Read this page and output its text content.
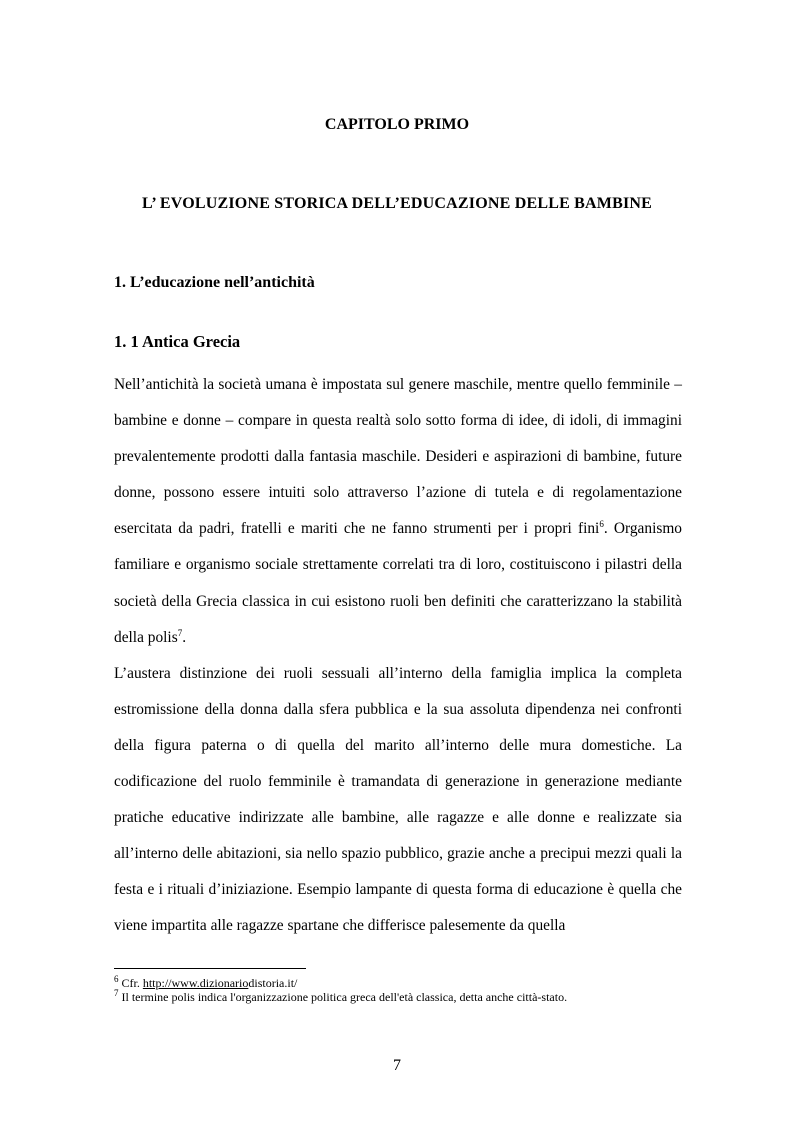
CAPITOLO PRIMO
L’ EVOLUZIONE STORICA DELL’EDUCAZIONE DELLE BAMBINE
1. L’educazione nell’antichità
1. 1 Antica Grecia

Nell’antichità la società umana è impostata sul genere maschile, mentre quello femminile – bambine e donne – compare in questa realtà solo sotto forma di idee, di idoli, di immagini prevalentemente prodotti dalla fantasia maschile. Desideri e aspirazioni di bambine, future donne, possono essere intuiti solo attraverso l’azione di tutela e di regolamentazione esercitata da padri, fratelli e mariti che ne fanno strumenti per i propri fini$^6$. Organismo familiare e organismo sociale strettamente correlati tra di loro, costituiscono i pilastri della società della Grecia classica in cui esistono ruoli ben definiti che caratterizzano la stabilità della polis$^7$.

L’austera distinzione dei ruoli sessuali all’interno della famiglia implica la completa estromissione della donna dalla sfera pubblica e la sua assoluta dipendenza nei confronti della figura paterna o di quella del marito all’interno delle mura domestiche. La codificazione del ruolo femminile è tramandata di generazione in generazione mediante pratiche educative indirizzate alle bambine, alle ragazze e alle donne e realizzate sia all’interno delle abitazioni, sia nello spazio pubblico, grazie anche a precipui mezzi quali la festa e i rituali d’iniziazione. Esempio lampante di questa forma di educazione è quella che viene impartita alle ragazze spartane che differisce palesemente da quella

$^6$ Cfr. http://www.dizionariodistoria.it/
$^7$ Il termine polis indica l'organizzazione politica greca dell'età classica, detta anche città-stato.
7
